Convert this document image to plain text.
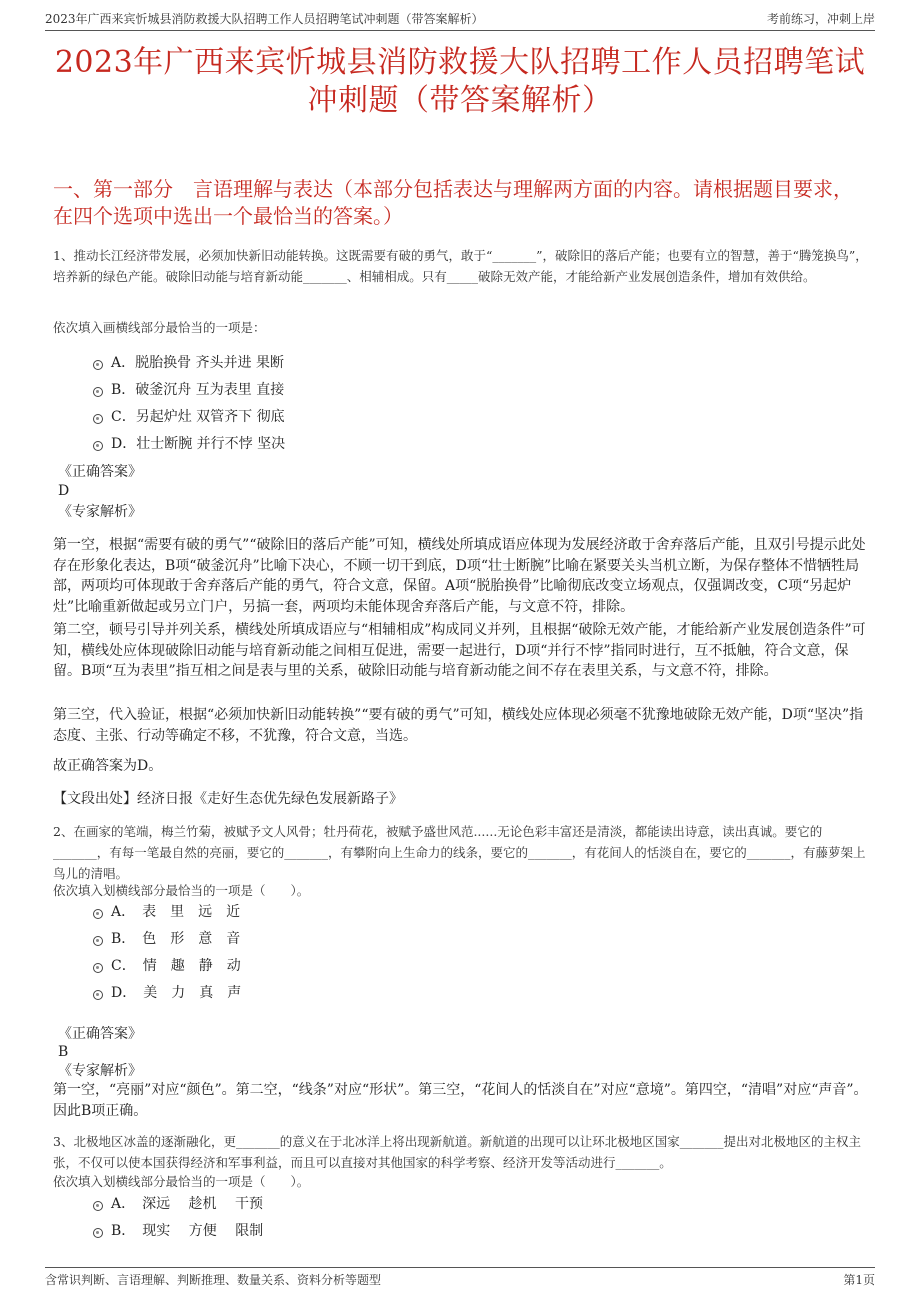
2023年广西来宾忻城县消防救援大队招聘工作人员招聘笔试冲刺题（带答案解析）	考前练习，冲刺上岸
2023年广西来宾忻城县消防救援大队招聘工作人员招聘笔试冲刺题（带答案解析）
一、第一部分　言语理解与表达（本部分包括表达与理解两方面的内容。请根据题目要求，在四个选项中选出一个最恰当的答案。）
1、推动长江经济带发展，必须加快新旧动能转换。这既需要有破的勇气，敢于“_______”，破除旧的落后产能；也要有立的智慧，善于“腾笼换鸟”，培养新的绿色产能。破除旧动能与培育新动能_______、相辅相成。只有_____破除无效产能，才能给新产业发展创造条件，增加有效供给。
依次填入画横线部分最恰当的一项是：
A．脱胎换骨 齐头并进 果断
B．破釜沉舟 互为表里 直接
C．另起炉灶 双管齐下 彻底
D．壮士断腕 并行不悖 坚决
《正确答案》
D
《专家解析》
第一空，根据“需要有破的勇气”“破除旧的落后产能”可知，横线处所填成语应体现为发展经济敢于舍弃落后产能，且双引号提示此处存在形象化表达，B项“破釜沉舟”比喻下决心，不顾一切干到底，D项“壮士断腕”比喻在紧要关头当机立断，为保存整体不惜牺牲局部，两项均可体现敢于舍弃落后产能的勇气，符合文意，保留。A项“脱胎换骨”比喻彻底改变立场观点，仅强调改变，C项“另起炉灶”比喻重新做起或另立门户，另搞一套，两项均未能体现舍弃落后产能，与文意不符，排除。
第二空，顿号引导并列关系，横线处所填成语应与“相辅相成”构成同义并列，且根据“破除无效产能，才能给新产业发展创造条件”可知，横线处应体现破除旧动能与培育新动能之间相互促进，需要一起进行，D项“并行不悖”指同时进行，互不抵触，符合文意，保留。B项“互为表里”指互相之间是表与里的关系，破除旧动能与培育新动能之间不存在表里关系，与文意不符，排除。
第三空，代入验证，根据“必须加快新旧动能转换”“要有破的勇气”可知，横线处应体现必须毫不犹豫地破除无效产能，D项“坚决”指态度、主张、行动等确定不移，不犹豫，符合文意，当选。
故正确答案为D。
【文段出处】经济日报《走好生态优先绿色发展新路子》
2、在画家的笔端，梅兰竹菊，被赋予文人风骨；牡丹荷花，被赋予盛世风范......无论色彩丰富还是清淡，都能读出诗意，读出真诚。要它的_______，有每一笔最自然的亮丽，要它的_______，有攀附向上生命力的线条，要它的_______，有花间人的恬淡自在，要它的_______，有藤萝架上鸟儿的清唱。
依次填入划横线部分最恰当的一项是（　　）。
A．　表　里　远　近
B．　色　形　意　音
C．　情　趣　静　动
D．　美　力　真　声
《正确答案》
B
《专家解析》
第一空，“亮丽”对应“颜色”。第二空，“线条”对应“形状”。第三空，“花间人的恬淡自在”对应“意境”。第四空，“清唱”对应“声音”。因此B项正确。
3、北极地区冰盖的逐渐融化，更_______的意义在于北冰洋上将出现新航道。新航道的出现可以让环北极地区国家_______提出对北极地区的主权主张，不仅可以使本国获得经济和军事利益，而且可以直接对其他国家的科学考察、经济开发等活动进行_______。
依次填入划横线部分最恰当的一项是（　　）。
A．　深远　 趁机　 干预
B．　现实　 方便　 限制
含常识判断、言语理解、判断推理、数量关系、资料分析等题型	第1页
